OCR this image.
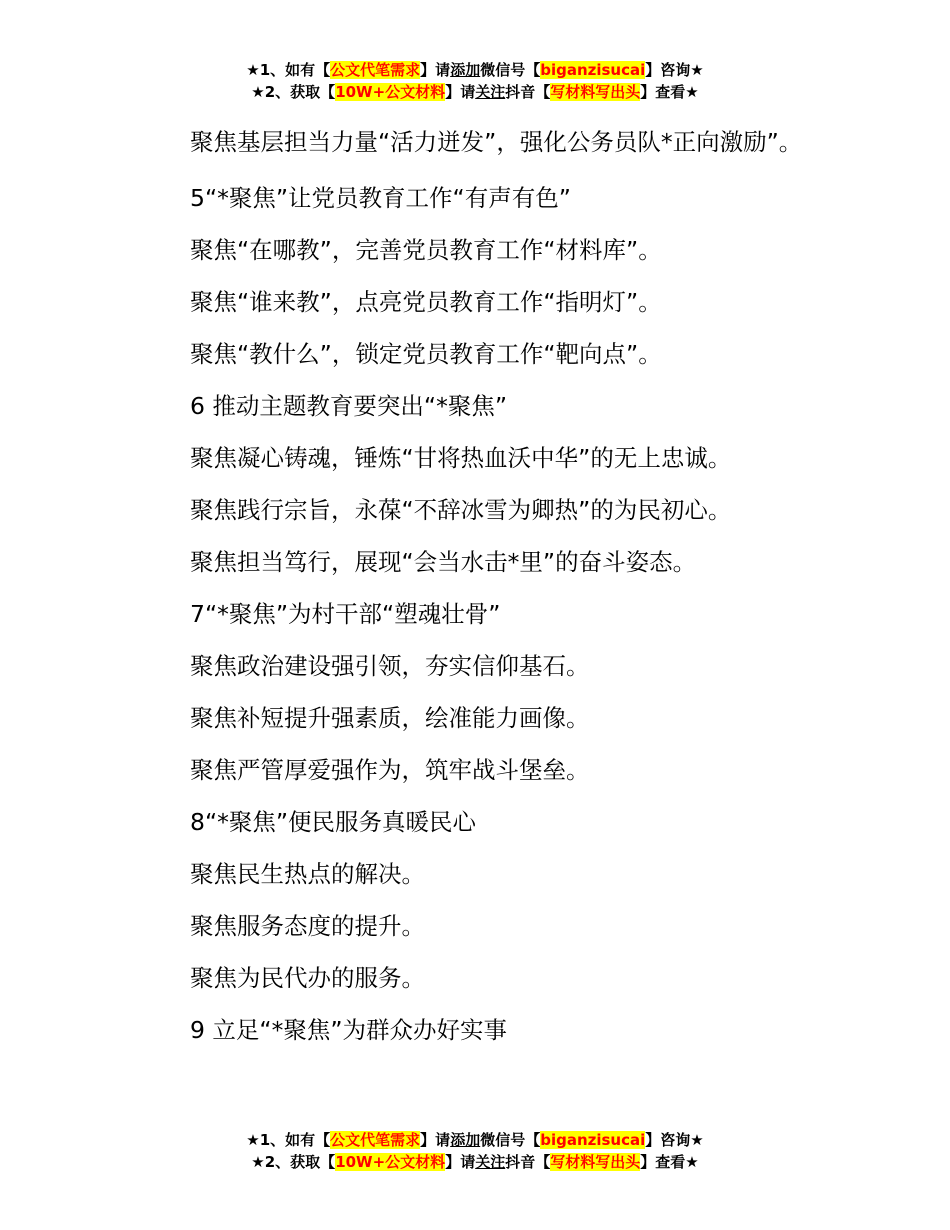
★1、如有【公文代笔需求】请添加微信号【biganzisucai】咨询★
★2、获取【10W+公文材料】请关注抖音【写材料写出头】查看★

聚焦基层担当力量“活力迸发”，强化公务员队*正向激励”。

5“*聚焦”让党员教育工作“有声有色”

聚焦“在哪教”，完善党员教育工作“材料库”。

聚焦“谁来教”，点亮党员教育工作“指明灯”。

聚焦“教什么”，锁定党员教育工作“靶向点”。

6 推动主题教育要突出“*聚焦”

聚焦凝心铸魂，锤炼“甘将热血沃中华”的无上忠诚。

聚焦践行宗旨，永葆“不辞冰雪为卿热”的为民初心。

聚焦担当笃行，展现“会当水击*里”的奋斗姿态。

7“*聚焦”为村干部“塑魂壮骨”

聚焦政治建设强引领，夯实信仰基石。

聚焦补短提升强素质，绘准能力画像。

聚焦严管厚爱强作为，筑牢战斗堡垒。

8“*聚焦”便民服务真暖民心

聚焦民生热点的解决。

聚焦服务态度的提升。

聚焦为民代办的服务。

9 立足“*聚焦”为群众办好实事

★1、如有【公文代笔需求】请添加微信号【biganzisucai】咨询★
★2、获取【10W+公文材料】请关注抖音【写材料写出头】查看★
